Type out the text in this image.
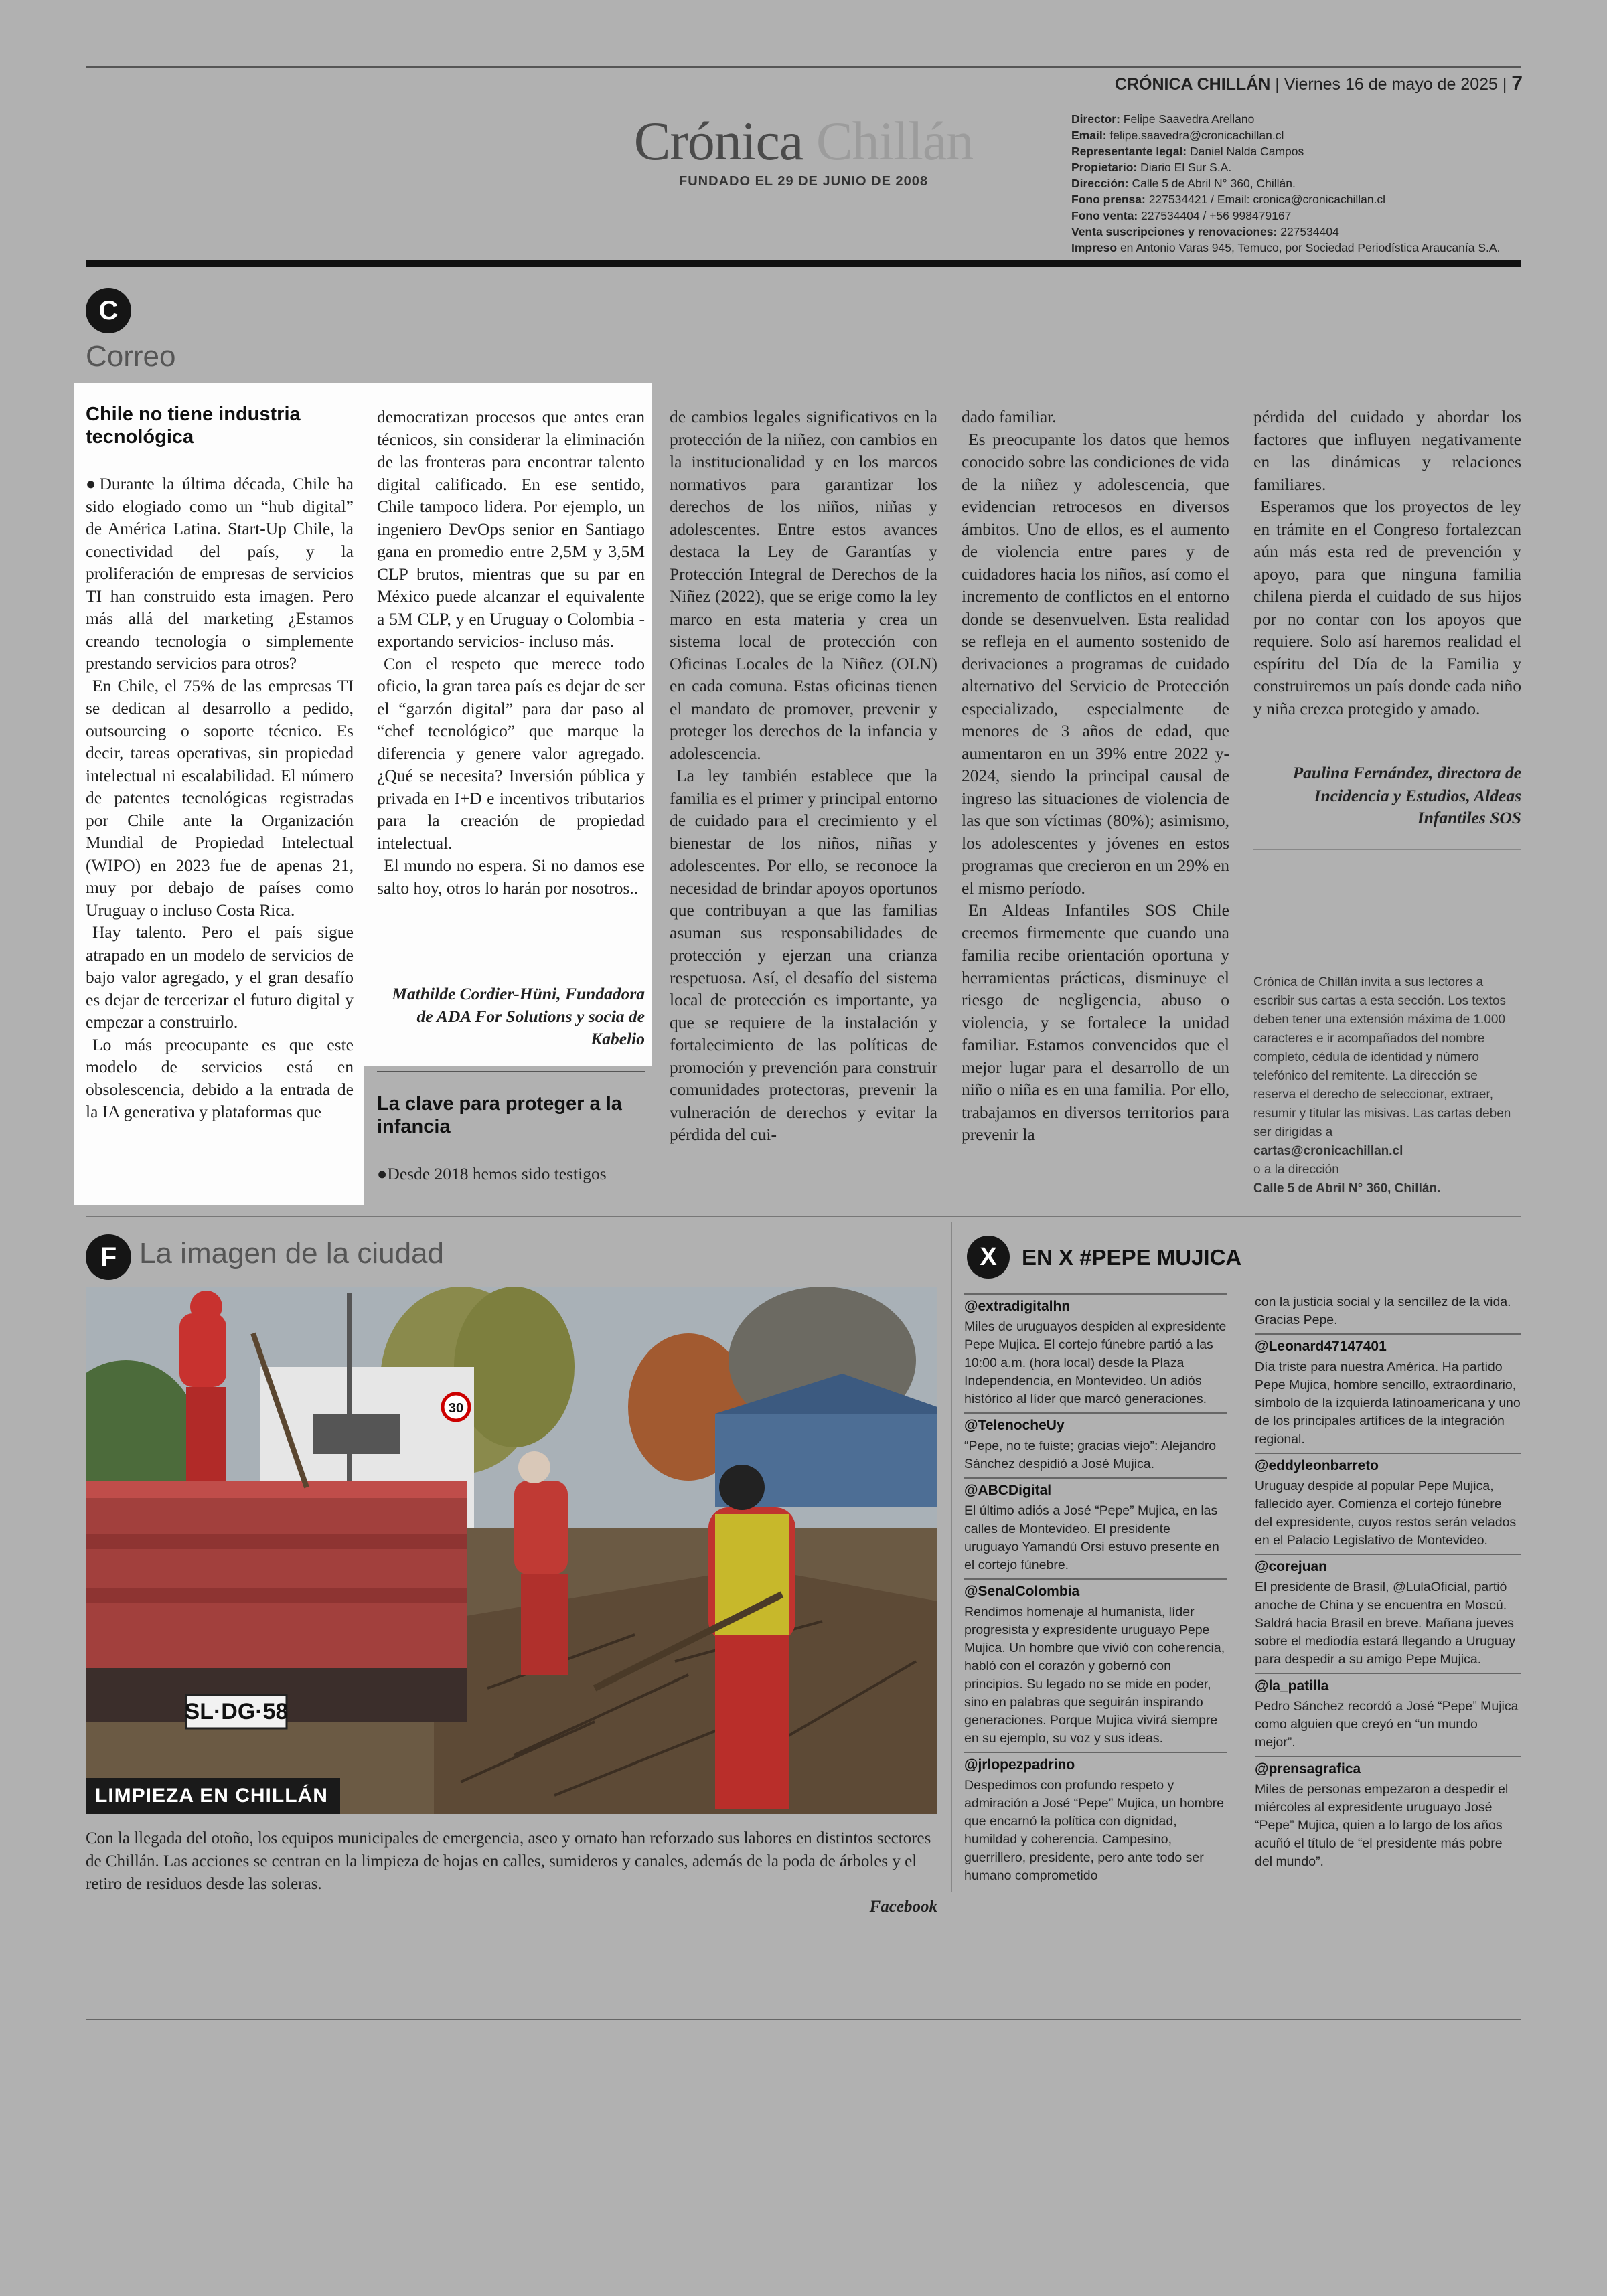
CRÓNICA CHILLÁN | Viernes 16 de mayo de 2025 | 7
Crónica Chillán
FUNDADO EL 29 DE JUNIO DE 2008
Director: Felipe Saavedra Arellano
Email: felipe.saavedra@cronicachillan.cl
Representante legal: Daniel Nalda Campos
Propietario: Diario El Sur S.A.
Dirección: Calle 5 de Abril N° 360, Chillán.
Fono prensa: 227534421 / Email: cronica@cronicachillan.cl
Fono venta: 227534404 / +56 998479167
Venta suscripciones y renovaciones: 227534404
Impreso en Antonio Varas 945, Temuco, por Sociedad Periodística Araucanía S.A.
C
Correo
Chile no tiene industria tecnológica

●Durante la última década, Chile ha sido elogiado como un “hub digital” de América Latina. Start-Up Chile, la conectividad del país, y la proliferación de empresas de servicios TI han construido esta imagen. Pero más allá del marketing ¿Estamos creando tecnología o simplemente prestando servicios para otros?

En Chile, el 75% de las empresas TI se dedican al desarrollo a pedido, outsourcing o soporte técnico. Es decir, tareas operativas, sin propiedad intelectual ni escalabilidad. El número de patentes tecnológicas registradas por Chile ante la Organización Mundial de Propiedad Intelectual (WIPO) en 2023 fue de apenas 21, muy por debajo de países como Uruguay o incluso Costa Rica.

Hay talento. Pero el país sigue atrapado en un modelo de servicios de bajo valor agregado, y el gran desafío es dejar de tercerizar el futuro digital y empezar a construirlo.

Lo más preocupante es que este modelo de servicios está en obsolescencia, debido a la entrada de la IA generativa y plataformas que

democratizan procesos que antes eran técnicos, sin considerar la eliminación de las fronteras para encontrar talento digital calificado. En ese sentido, Chile tampoco lidera. Por ejemplo, un ingeniero DevOps senior en Santiago gana en promedio entre 2,5M y 3,5M CLP brutos, mientras que su par en México puede alcanzar el equivalente a 5M CLP, y en Uruguay o Colombia -exportando servicios- incluso más.

Con el respeto que merece todo oficio, la gran tarea país es dejar de ser el “garzón digital” para dar paso al “chef tecnológico” que marque la diferencia y genere valor agregado. ¿Qué se necesita? Inversión pública y privada en I+D e incentivos tributarios para la creación de propiedad intelectual.

El mundo no espera. Si no damos ese salto hoy, otros lo harán por nosotros..

Mathilde Cordier-Hüni, Fundadora de ADA For Solutions y socia de Kabelio
La clave para proteger a la infancia
●Desde 2018 hemos sido testigos

de cambios legales significativos en la protección de la niñez, con cambios en la institucionalidad y en los marcos normativos para garantizar los derechos de los niños, niñas y adolescentes. Entre estos avances destaca la Ley de Garantías y Protección Integral de Derechos de la Niñez (2022), que se erige como la ley marco en esta materia y crea un sistema local de protección con Oficinas Locales de la Niñez (OLN) en cada comuna. Estas oficinas tienen el mandato de promover, prevenir y proteger los derechos de la infancia y adolescencia.

La ley también establece que la familia es el primer y principal entorno de cuidado para el crecimiento y el bienestar de los niños, niñas y adolescentes. Por ello, se reconoce la necesidad de brindar apoyos oportunos que contribuyan a que las familias asuman sus responsabilidades de protección y ejerzan una crianza respetuosa. Así, el desafío del sistema local de protección es importante, ya que se requiere de la instalación y fortalecimiento de las políticas de promoción y prevención para construir comunidades protectoras, prevenir la vulneración de derechos y evitar la pérdida del cui-

dado familiar.

Es preocupante los datos que hemos conocido sobre las condiciones de vida de la niñez y adolescencia, que evidencian retrocesos en diversos ámbitos. Uno de ellos, es el aumento de violencia entre pares y de cuidadores hacia los niños, así como el incremento de conflictos en el entorno donde se desenvuelven. Esta realidad se refleja en el aumento sostenido de derivaciones a programas de cuidado alternativo del Servicio de Protección especializado, especialmente de menores de 3 años de edad, que aumentaron en un 39% entre 2022 y-2024, siendo la principal causal de ingreso las situaciones de violencia de las que son víctimas (80%); asimismo, los adolescentes y jóvenes en estos programas que crecieron en un 29% en el mismo período.

En Aldeas Infantiles SOS Chile creemos firmemente que cuando una familia recibe orientación oportuna y herramientas prácticas, disminuye el riesgo de negligencia, abuso o violencia, y se fortalece la unidad familiar. Estamos convencidos que el mejor lugar para el desarrollo de un niño o niña es en una familia. Por ello, trabajamos en diversos territorios para prevenir la

pérdida del cuidado y abordar los factores que influyen negativamente en las dinámicas y relaciones familiares.

Esperamos que los proyectos de ley en trámite en el Congreso fortalezcan aún más esta red de prevención y apoyo, para que ninguna familia chilena pierda el cuidado de sus hijos por no contar con los apoyos que requiere. Solo así haremos realidad el espíritu del Día de la Familia y construiremos un país donde cada niño y niña crezca protegido y amado.

Paulina Fernández, directora de Incidencia y Estudios, Aldeas Infantiles SOS
Crónica de Chillán invita a sus lectores a escribir sus cartas a esta sección. Los textos deben tener una extensión máxima de 1.000 caracteres e ir acompañados del nombre completo, cédula de identidad y número telefónico del remitente. La dirección se reserva el derecho de seleccionar, extraer, resumir y titular las misivas. Las cartas deben ser dirigidas a
cartas@cronicachillan.cl
o a la dirección
Calle 5 de Abril N° 360, Chillán.
F La imagen de la ciudad
SL·DG·58
30
LIMPIEZA EN CHILLÁN
Con la llegada del otoño, los equipos municipales de emergencia, aseo y ornato han reforzado sus labores en distintos sectores de Chillán. Las acciones se centran en la limpieza de hojas en calles, sumideros y canales, además de la poda de árboles y el retiro de residuos desde las soleras.
Facebook
X EN X #PEPE MUJICA
@extradigitalhn
Miles de uruguayos despiden al expresidente Pepe Mujica. El cortejo fúnebre partió a las 10:00 a.m. (hora local) desde la Plaza Independencia, en Montevideo. Un adiós histórico al líder que marcó generaciones.
@TelenocheUy
“Pepe, no te fuiste; gracias viejo”: Alejandro Sánchez despidió a José Mujica.
@ABCDigital
El último adiós a José “Pepe” Mujica, en las calles de Montevideo. El presidente uruguayo Yamandú Orsi estuvo presente en el cortejo fúnebre.
@SenalColombia
Rendimos homenaje al humanista, líder progresista y expresidente uruguayo Pepe Mujica. Un hombre que vivió con coherencia, habló con el corazón y gobernó con principios. Su legado no se mide en poder, sino en palabras que seguirán inspirando generaciones. Porque Mujica vivirá siempre en su ejemplo, su voz y sus ideas.
@jrlopezpadrino
Despedimos con profundo respeto y admiración a José “Pepe” Mujica, un hombre que encarnó la política con dignidad, humildad y coherencia. Campesino, guerrillero, presidente, pero ante todo ser humano comprometido
con la justicia social y la sencillez de la vida. Gracias Pepe.
@Leonard47147401
Día triste para nuestra América. Ha partido Pepe Mujica, hombre sencillo, extraordinario, símbolo de la izquierda latinoamericana y uno de los principales artífices de la integración regional.
@eddyleonbarreto
Uruguay despide al popular Pepe Mujica, fallecido ayer. Comienza el cortejo fúnebre del expresidente, cuyos restos serán velados en el Palacio Legislativo de Montevideo.
@corejuan
El presidente de Brasil, @LulaOficial, partió anoche de China y se encuentra en Moscú. Saldrá hacia Brasil en breve. Mañana jueves sobre el mediodía estará llegando a Uruguay para despedir a su amigo Pepe Mujica.
@la_patilla
Pedro Sánchez recordó a José “Pepe” Mujica como alguien que creyó en “un mundo mejor”.
@prensagrafica
Miles de personas empezaron a despedir el miércoles al expresidente uruguayo José “Pepe” Mujica, quien a lo largo de los años acuñó el título de “el presidente más pobre del mundo”.
